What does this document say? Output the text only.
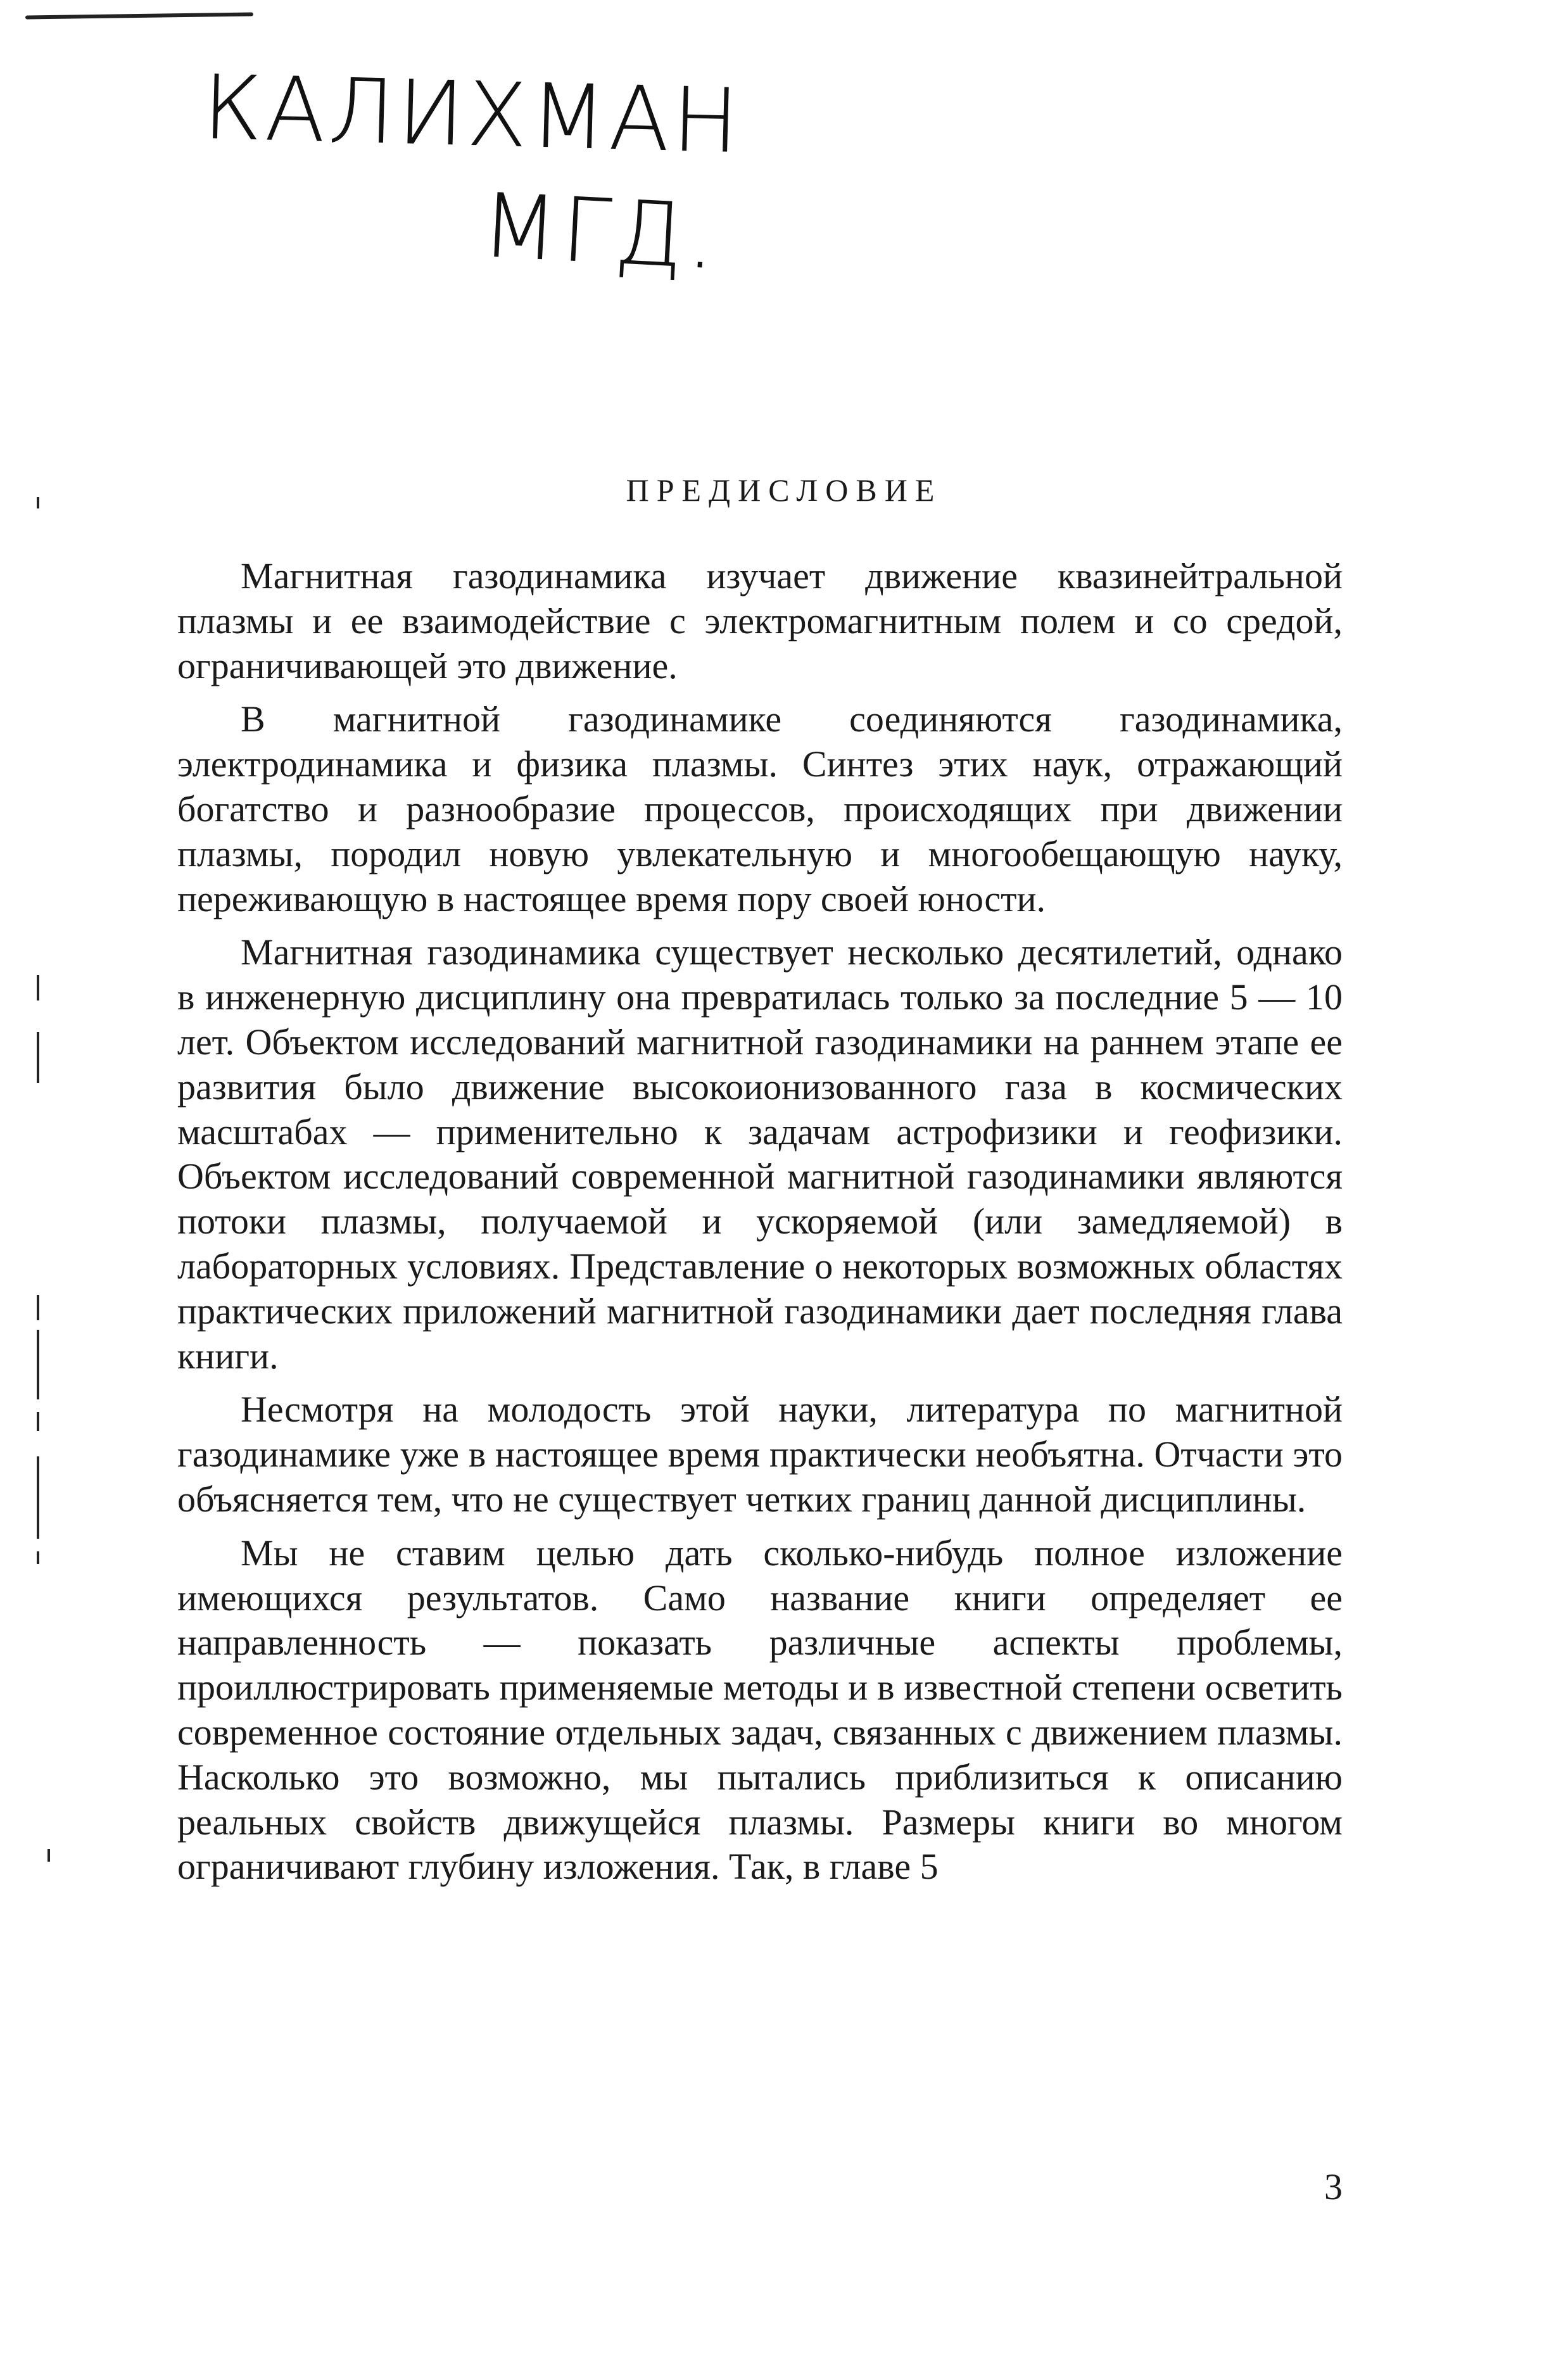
КАЛИХМАН

МГД.

ПРЕДИСЛОВИЕ

Магнитная газодинамика изучает движение квазинейтральной плазмы и ее взаимодействие с электромагнитным полем и со средой, ограничивающей это движение.

В магнитной газодинамике соединяются газодинамика, электродинамика и физика плазмы. Синтез этих наук, отражающий богатство и разнообразие процессов, происходящих при движении плазмы, породил новую увлекательную и многообещающую науку, переживающую в настоящее время пору своей юности.

Магнитная газодинамика существует несколько десятилетий, однако в инженерную дисциплину она превратилась только за последние 5 — 10 лет. Объектом исследований магнитной газодинамики на раннем этапе ее развития было движение высокоионизованного газа в космических масштабах — применительно к задачам астрофизики и геофизики. Объектом исследований современной магнитной газодинамики являются потоки плазмы, получаемой и ускоряемой (или замедляемой) в лабораторных условиях. Представление о некоторых возможных областях практических приложений магнитной газодинамики дает последняя глава книги.

Несмотря на молодость этой науки, литература по магнитной газодинамике уже в настоящее время практически необъятна. Отчасти это объясняется тем, что не существует четких границ данной дисциплины.

Мы не ставим целью дать сколько-нибудь полное изложение имеющихся результатов. Само название книги определяет ее направленность — показать различные аспекты проблемы, проиллюстрировать применяемые методы и в известной степени осветить современное состояние отдельных задач, связанных с движением плазмы. Насколько это возможно, мы пытались приблизиться к описанию реальных свойств движущейся плазмы. Размеры книги во многом ограничивают глубину изложения. Так, в главе 5

3
